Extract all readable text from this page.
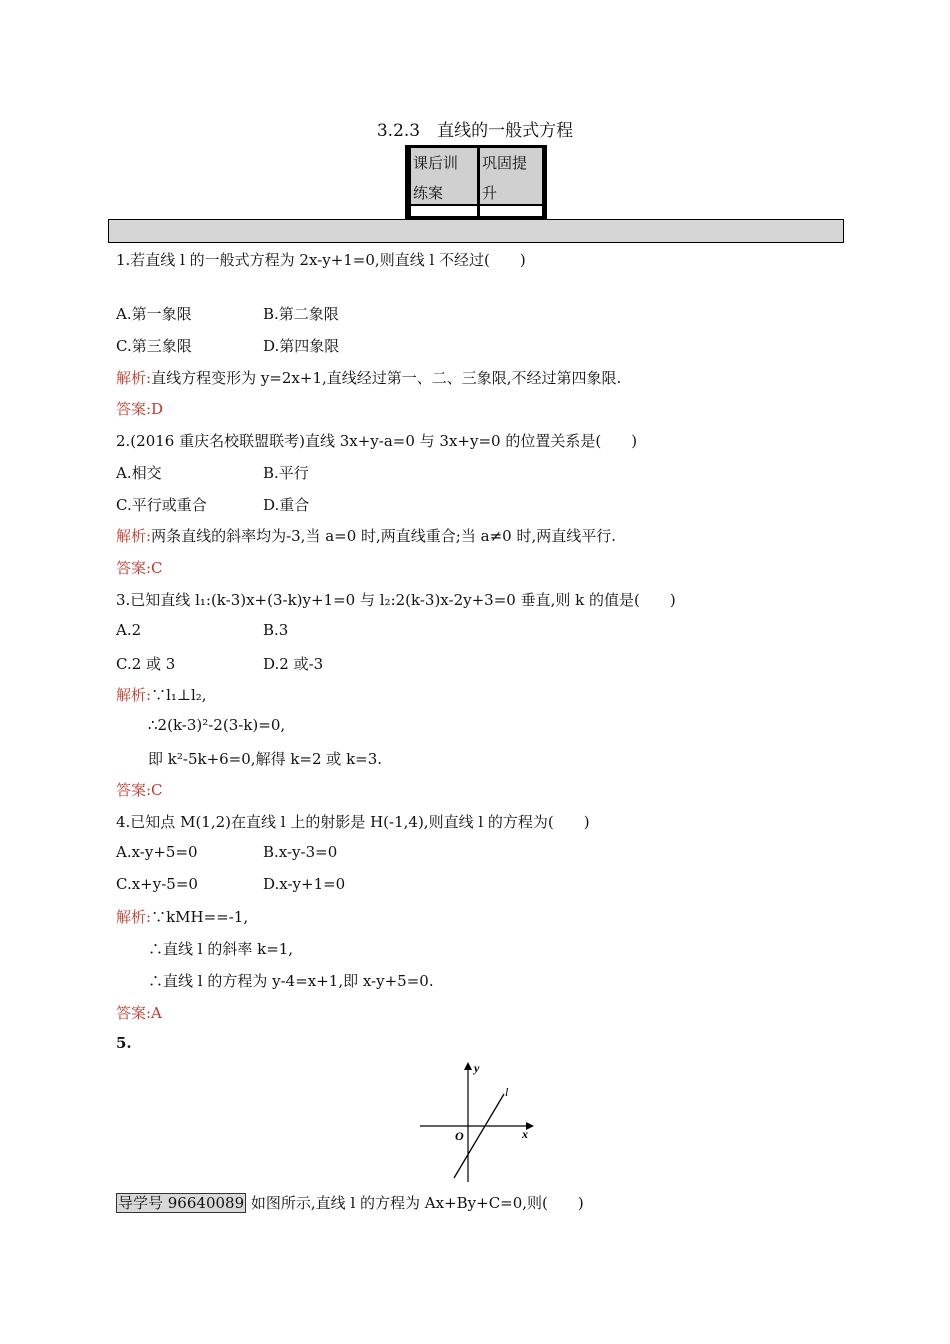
3.2.3　直线的一般式方程
课后训
练案
巩固提
升
1.若直线 l 的一般式方程为 2x-y+1=0,则直线 l 不经过(　　)
A.第一象限	B.第二象限
C.第三象限	D.第四象限
解析:直线方程变形为 y=2x+1,直线经过第一、二、三象限,不经过第四象限.
答案:D
2.(2016 重庆名校联盟联考)直线 3x+y-a=0 与 3x+y=0 的位置关系是(　　)
A.相交	B.平行
C.平行或重合	D.重合
解析:两条直线的斜率均为-3,当 a=0 时,两直线重合;当 a≠0 时,两直线平行.
答案:C
3.已知直线 l₁:(k-3)x+(3-k)y+1=0 与 l₂:2(k-3)x-2y+3=0 垂直,则 k 的值是(　　)
A.2	B.3
C.2 或 3	D.2 或-3
解析:∵l₁⊥l₂,
∴2(k-3)²-2(3-k)=0,
即 k²-5k+6=0,解得 k=2 或 k=3.
答案:C
4.已知点 M(1,2)在直线 l 上的射影是 H(-1,4),则直线 l 的方程为(　　)
A.x-y+5=0	B.x-y-3=0
C.x+y-5=0	D.x-y+1=0
解析:∵kMH==-1,
∴直线 l 的斜率 k=1,
∴直线 l 的方程为 y-4=x+1,即 x-y+5=0.
答案:A
5.
y
x
O
l
导学号 96640089 如图所示,直线 l 的方程为 Ax+By+C=0,则(　　)
